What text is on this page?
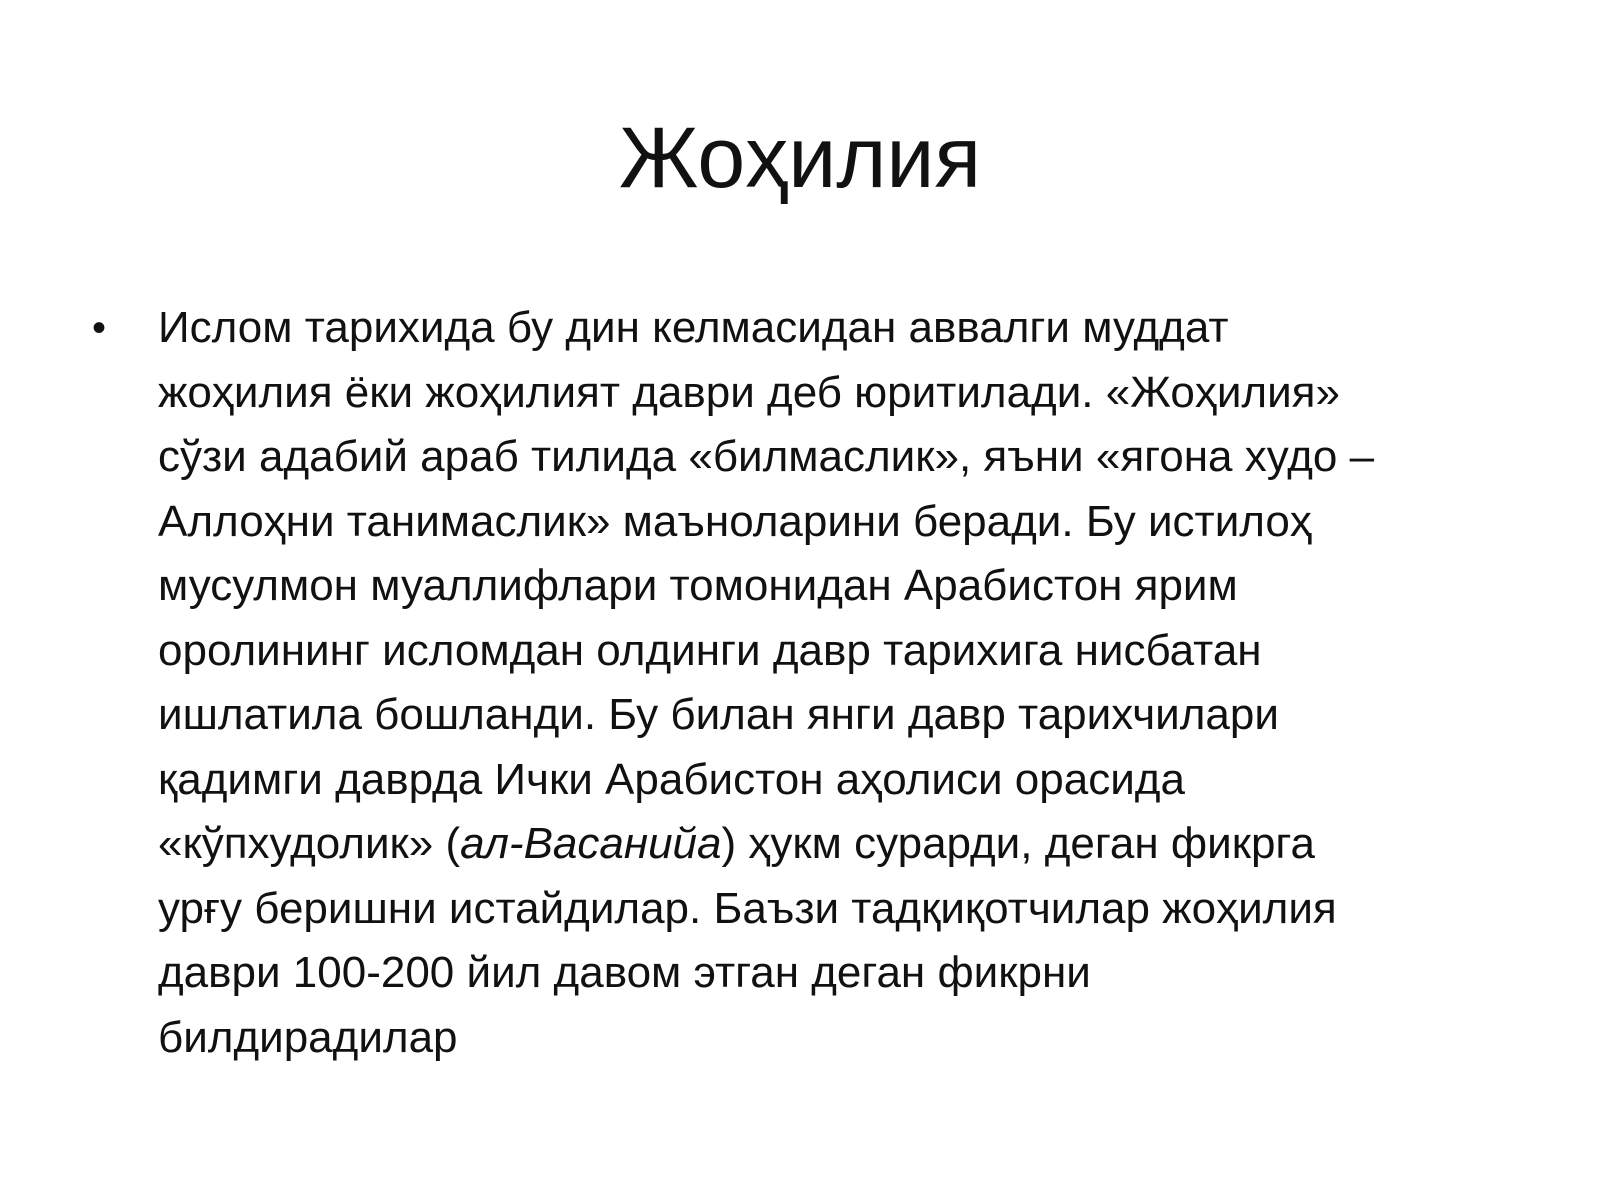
Жоҳилия
• Ислом тарихида бу дин келмасидан аввалги муддат
жоҳилия ёки жоҳилият даври деб юритилади. «Жоҳилия»
сўзи адабий араб тилида «билмаслик», яъни «ягона худо –
Аллоҳни танимаслик» маъноларини беради. Бу истилоҳ
мусулмон муаллифлари томонидан Арабистон ярим
оролининг исломдан олдинги давр тарихига нисбатан
ишлатила бошланди. Бу билан янги давр тарихчилари
қадимги даврда Ички Арабистон аҳолиси орасида
«кўпхудолик» (ал-Васанийа) ҳукм сурарди, деган фикрга
урғу беришни истайдилар. Баъзи тадқиқотчилар жоҳилия
даври 100-200 йил давом этган деган фикрни
билдирадилар
